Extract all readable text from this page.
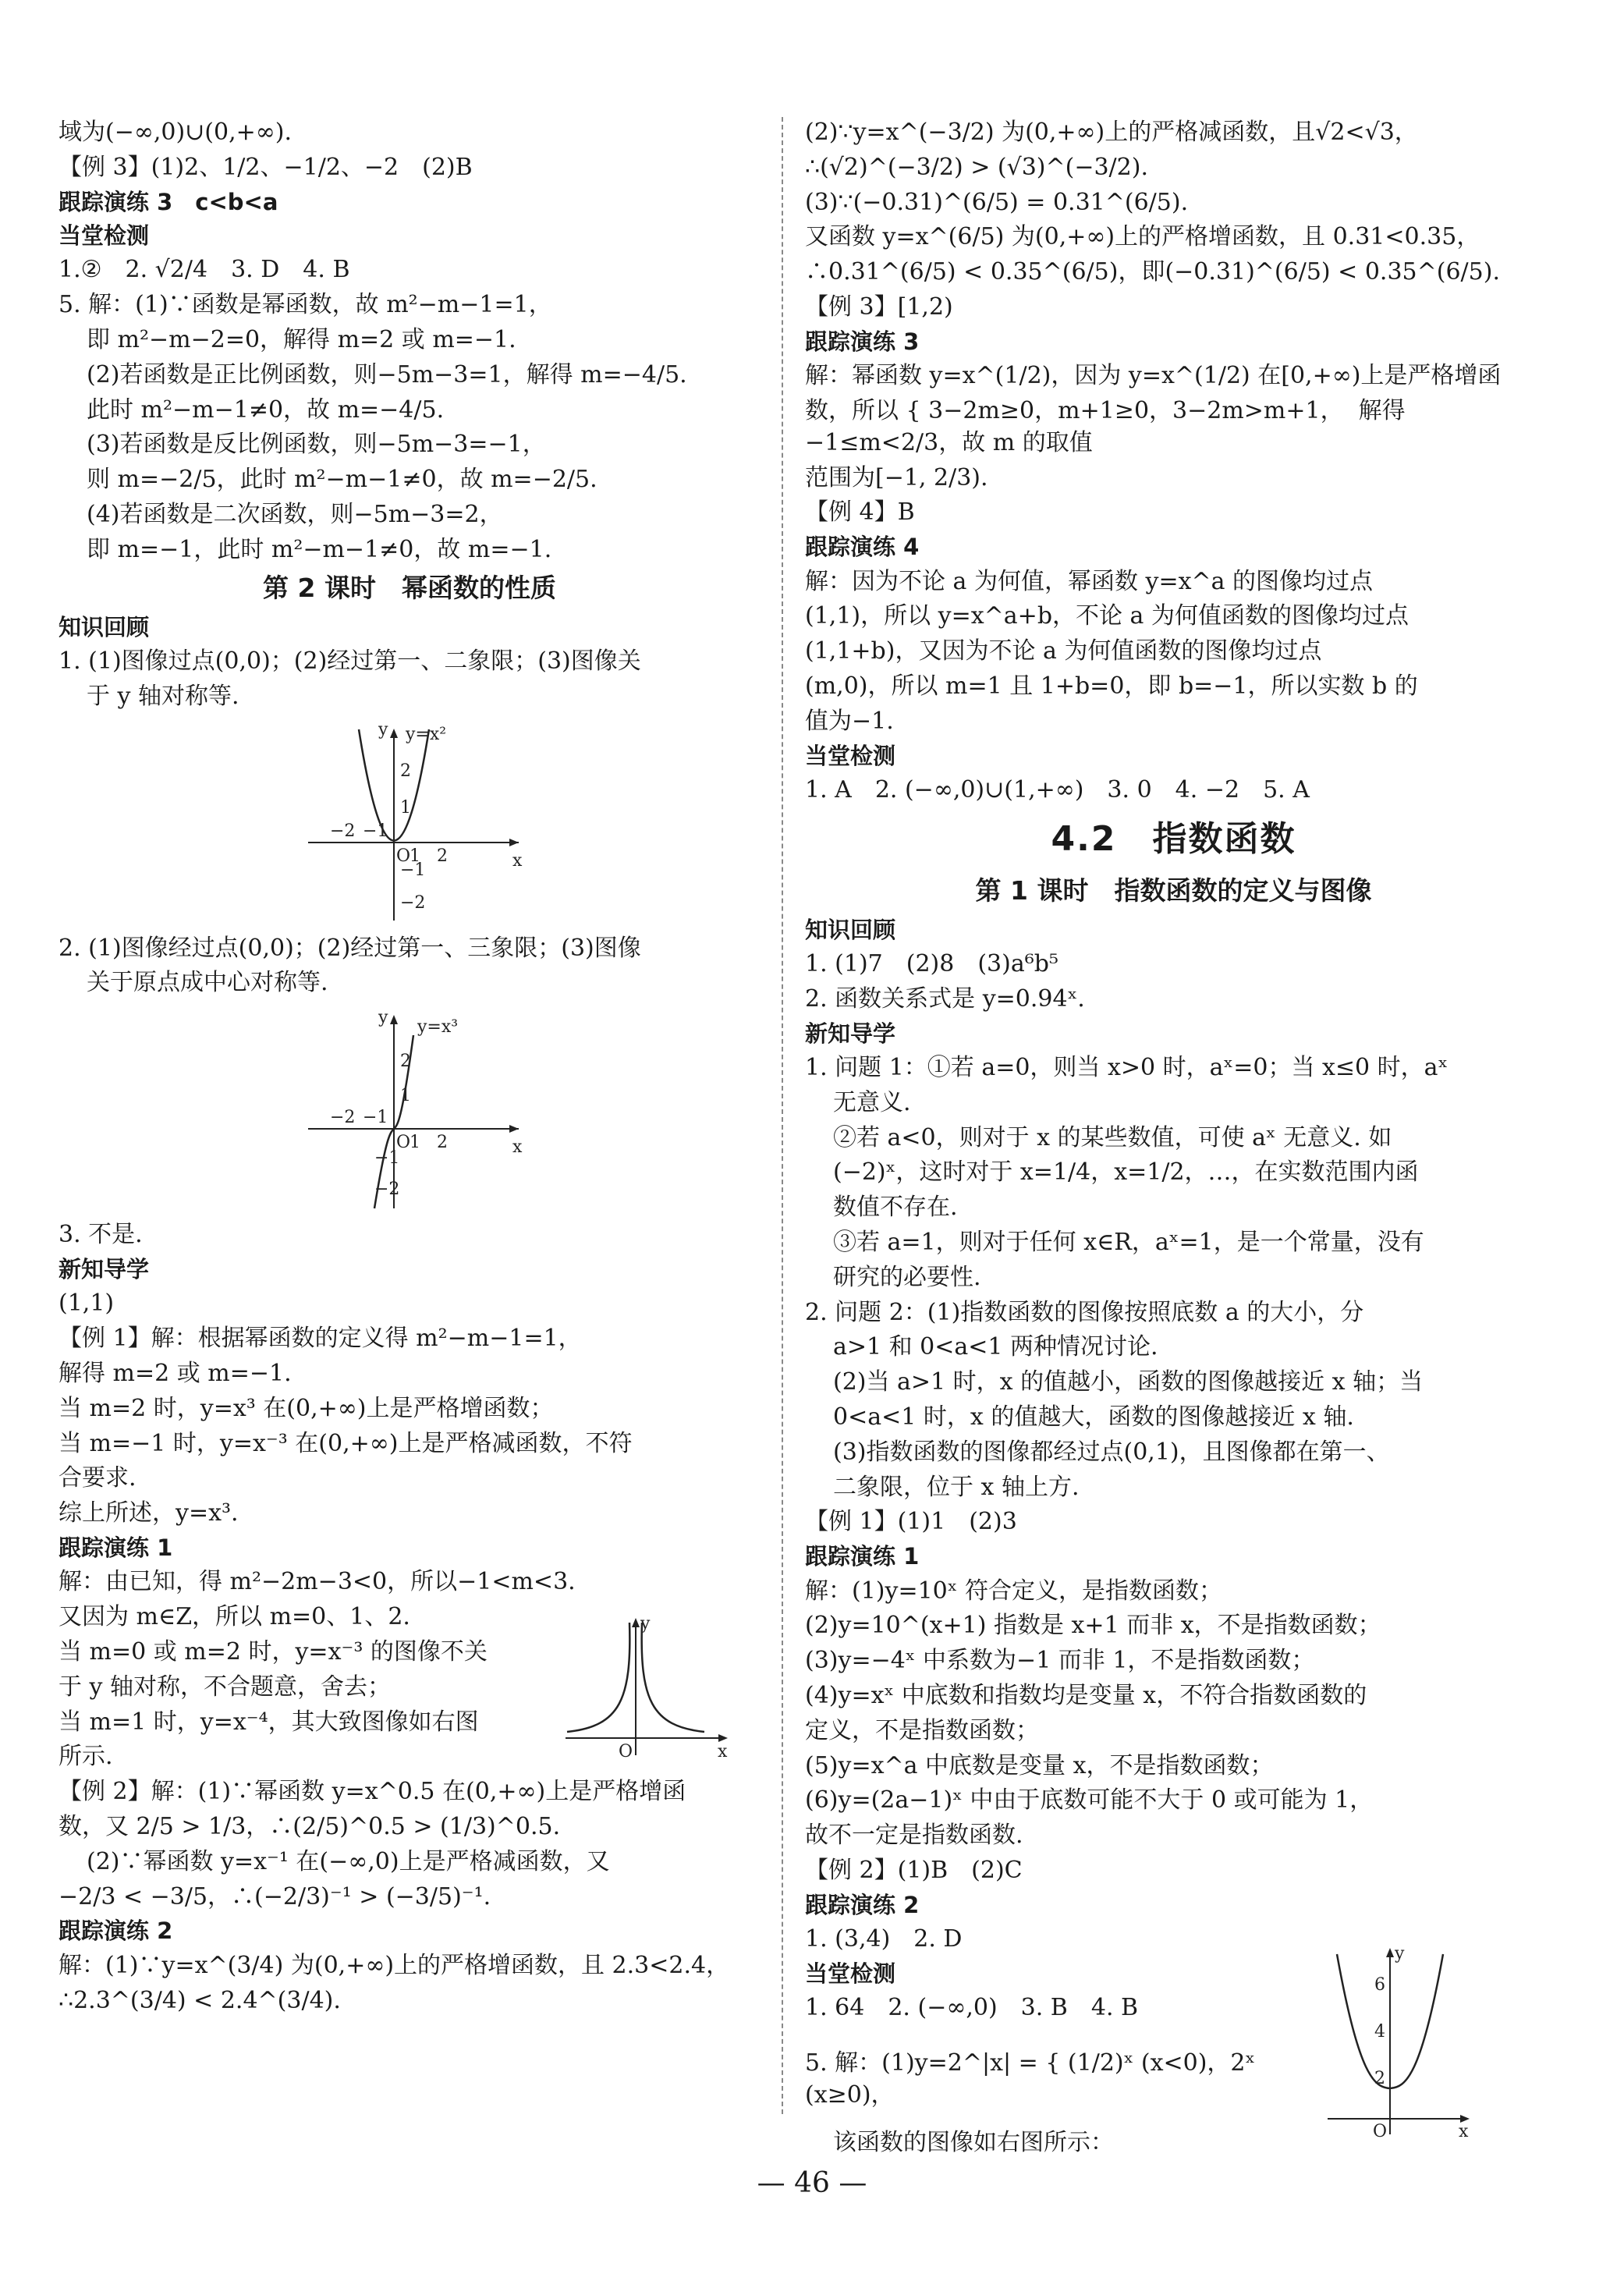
域为(−∞,0)∪(0,+∞).
【例 3】(1)2、1/2、−1/2、−2　(2)B
跟踪演练 3　c<b<a
当堂检测
1.②　2. √2/4　3. D　4. B
5. 解：(1)∵函数是幂函数，故 m²−m−1=1，
即 m²−m−2=0，解得 m=2 或 m=−1.
(2)若函数是正比例函数，则−5m−3=1，解得 m=−4/5.
此时 m²−m−1≠0，故 m=−4/5.
(3)若函数是反比例函数，则−5m−3=−1，
则 m=−2/5，此时 m²−m−1≠0，故 m=−2/5.
(4)若函数是二次函数，则−5m−3=2，
即 m=−1，此时 m²−m−1≠0，故 m=−1.
第 2 课时　幂函数的性质
知识回顾
1. (1)图像过点(0,0)；(2)经过第一、二象限；(3)图像关
于 y 轴对称等.
y=x²
y
x
O
1 2
−2 −1
2
1
−1
−2
2. (1)图像经过点(0,0)；(2)经过第一、三象限；(3)图像
关于原点成中心对称等.
y=x³
y
x
O
1 2
−2 −1
2
1
−1
−2
3. 不是.
新知导学
(1,1)
【例 1】解：根据幂函数的定义得 m²−m−1=1，
解得 m=2 或 m=−1.
当 m=2 时，y=x³ 在(0,+∞)上是严格增函数；
当 m=−1 时，y=x⁻³ 在(0,+∞)上是严格减函数，不符
合要求.
综上所述，y=x³.
跟踪演练 1
解：由已知，得 m²−2m−3<0，所以−1<m<3.
又因为 m∈Z，所以 m=0、1、2.
当 m=0 或 m=2 时，y=x⁻³ 的图像不关
于 y 轴对称，不合题意，舍去；
当 m=1 时，y=x⁻⁴，其大致图像如右图
所示.
y
x
O
【例 2】解：(1)∵幂函数 y=x^0.5 在(0,+∞)上是严格增函
数，又 2/5 > 1/3，∴(2/5)^0.5 > (1/3)^0.5.
(2)∵幂函数 y=x⁻¹ 在(−∞,0)上是严格减函数，又
−2/3 < −3/5，∴(−2/3)⁻¹ > (−3/5)⁻¹.
跟踪演练 2
解：(1)∵y=x^(3/4) 为(0,+∞)上的严格增函数，且 2.3<2.4，
∴2.3^(3/4) < 2.4^(3/4).
(2)∵y=x^(−3/2) 为(0,+∞)上的严格减函数，且√2<√3，
∴(√2)^(−3/2) > (√3)^(−3/2).
(3)∵(−0.31)^(6/5) = 0.31^(6/5).
又函数 y=x^(6/5) 为(0,+∞)上的严格增函数，且 0.31<0.35，
∴0.31^(6/5) < 0.35^(6/5)，即(−0.31)^(6/5) < 0.35^(6/5).
【例 3】[1,2)
跟踪演练 3
解：幂函数 y=x^(1/2)，因为 y=x^(1/2) 在[0,+∞)上是严格增函
数，所以 { 3−2m≥0，m+1≥0，3−2m>m+1，  解得 −1≤m<2/3，故 m 的取值
范围为[−1, 2/3).
【例 4】B
跟踪演练 4
解：因为不论 a 为何值，幂函数 y=x^a 的图像均过点
(1,1)，所以 y=x^a+b，不论 a 为何值函数的图像均过点
(1,1+b)，又因为不论 a 为何值函数的图像均过点
(m,0)，所以 m=1 且 1+b=0，即 b=−1，所以实数 b 的
值为−1.
当堂检测
1. A　2. (−∞,0)∪(1,+∞)　3. 0　4. −2　5. A
4.2　指数函数
第 1 课时　指数函数的定义与图像
知识回顾
1. (1)7　(2)8　(3)a⁶b⁵
2. 函数关系式是 y=0.94ˣ.
新知导学
1. 问题 1：①若 a=0，则当 x>0 时，aˣ=0；当 x≤0 时，aˣ
无意义.
②若 a<0，则对于 x 的某些数值，可使 aˣ 无意义. 如
(−2)ˣ，这时对于 x=1/4，x=1/2，…，在实数范围内函
数值不存在.
③若 a=1，则对于任何 x∈R，aˣ=1，是一个常量，没有
研究的必要性.
2. 问题 2：(1)指数函数的图像按照底数 a 的大小，分
a>1 和 0<a<1 两种情况讨论.
(2)当 a>1 时，x 的值越小，函数的图像越接近 x 轴；当
0<a<1 时，x 的值越大，函数的图像越接近 x 轴.
(3)指数函数的图像都经过点(0,1)，且图像都在第一、
二象限，位于 x 轴上方.
【例 1】(1)1　(2)3
跟踪演练 1
解：(1)y=10ˣ 符合定义，是指数函数；
(2)y=10^(x+1) 指数是 x+1 而非 x，不是指数函数；
(3)y=−4ˣ 中系数为−1 而非 1，不是指数函数；
(4)y=xˣ 中底数和指数均是变量 x，不符合指数函数的
定义，不是指数函数；
(5)y=x^a 中底数是变量 x，不是指数函数；
(6)y=(2a−1)ˣ 中由于底数可能不大于 0 或可能为 1，
故不一定是指数函数.
【例 2】(1)B　(2)C
跟踪演练 2
1. (3,4)　2. D
当堂检测
1. 64　2. (−∞,0)　3. B　4. B
5. 解：(1)y=2^|x| = { (1/2)ˣ (x<0)，2ˣ (x≥0)，
该函数的图像如右图所示：
y
x
O
6
4
2
— 46 —
